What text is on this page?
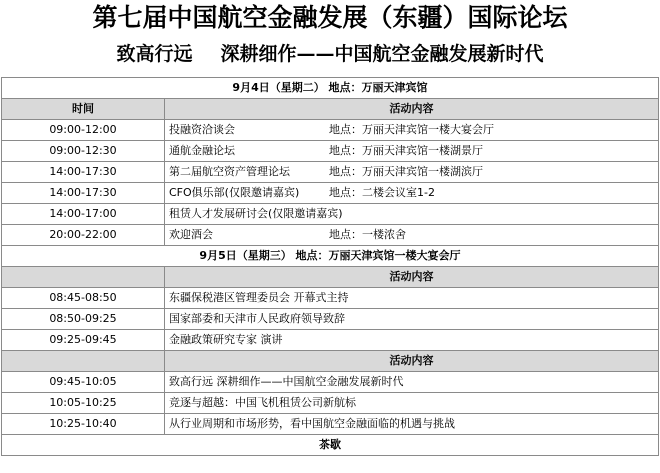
第七届中国航空金融发展（东疆）国际论坛
致高行远 深耕细作——中国航空金融发展新时代
9月4日（星期二） 地点：万丽天津宾馆	
时间	活动内容
09:00-12:00	投融资洽谈会 地点：万丽天津宾馆一楼大宴会厅

09:00-12:30	通航金融论坛 地点：万丽天津宾馆一楼湖景厅

14:00-17:30	第二届航空资产管理论坛 地点：万丽天津宾馆一楼湖滨厅

14:00-17:30	CFO俱乐部(仅限邀请嘉宾) 地点：二楼会议室1-2

14:00-17:00	租赁人才发展研讨会(仅限邀请嘉宾)

20:00-22:00	欢迎酒会 地点：一楼浓舍

9月5日（星期三） 地点：万丽天津宾馆一楼大宴会厅	
	活动内容
08:45-08:50	东疆保税港区管理委员会 开幕式主持
08:50-09:25	国家部委和天津市人民政府领导致辞
09:25-09:45	金融政策研究专家 演讲
	活动内容
09:45-10:05	致高行远 深耕细作——中国航空金融发展新时代
10:05-10:25	竞逐与超越：中国飞机租赁公司新航标
10:25-10:40	从行业周期和市场形势，看中国航空金融面临的机遇与挑战
茶歇	
